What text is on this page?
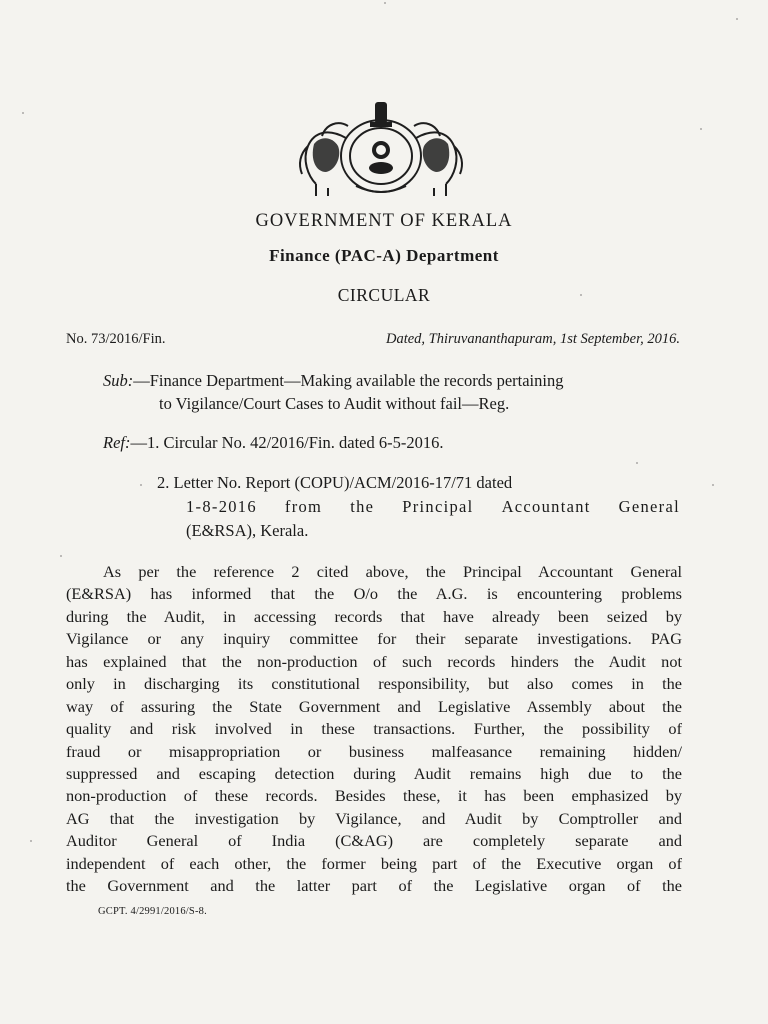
GOVERNMENT OF KERALA
Finance (PAC-A) Department
CIRCULAR
No. 73/2016/Fin.	Dated, Thiruvananthapuram, 1st September, 2016.
Sub:—Finance Department—Making available the records pertaining
to Vigilance/Court Cases to Audit without fail—Reg.
Ref:—1. Circular No. 42/2016/Fin. dated 6-5-2016.
2. Letter No. Report (COPU)/ACM/2016-17/71 dated
1-8-2016 from the Principal Accountant General
(E&RSA), Kerala.
As per the reference 2 cited above, the Principal Accountant General
(E&RSA) has informed that the O/o the A.G. is encountering problems
during the Audit, in accessing records that have already been seized by
Vigilance or any inquiry committee for their separate investigations. PAG
has explained that the non-production of such records hinders the Audit not
only in discharging its constitutional responsibility, but also comes in the
way of assuring the State Government and Legislative Assembly about the
quality and risk involved in these transactions. Further, the possibility of
fraud or misappropriation or business malfeasance remaining hidden/
suppressed and escaping detection during Audit remains high due to the
non-production of these records. Besides these, it has been emphasized by
AG that the investigation by Vigilance, and Audit by Comptroller and
Auditor General of India (C&AG) are completely separate and
independent of each other, the former being part of the Executive organ of
the Government and the latter part of the Legislative organ of the
GCPT. 4/2991/2016/S-8.
